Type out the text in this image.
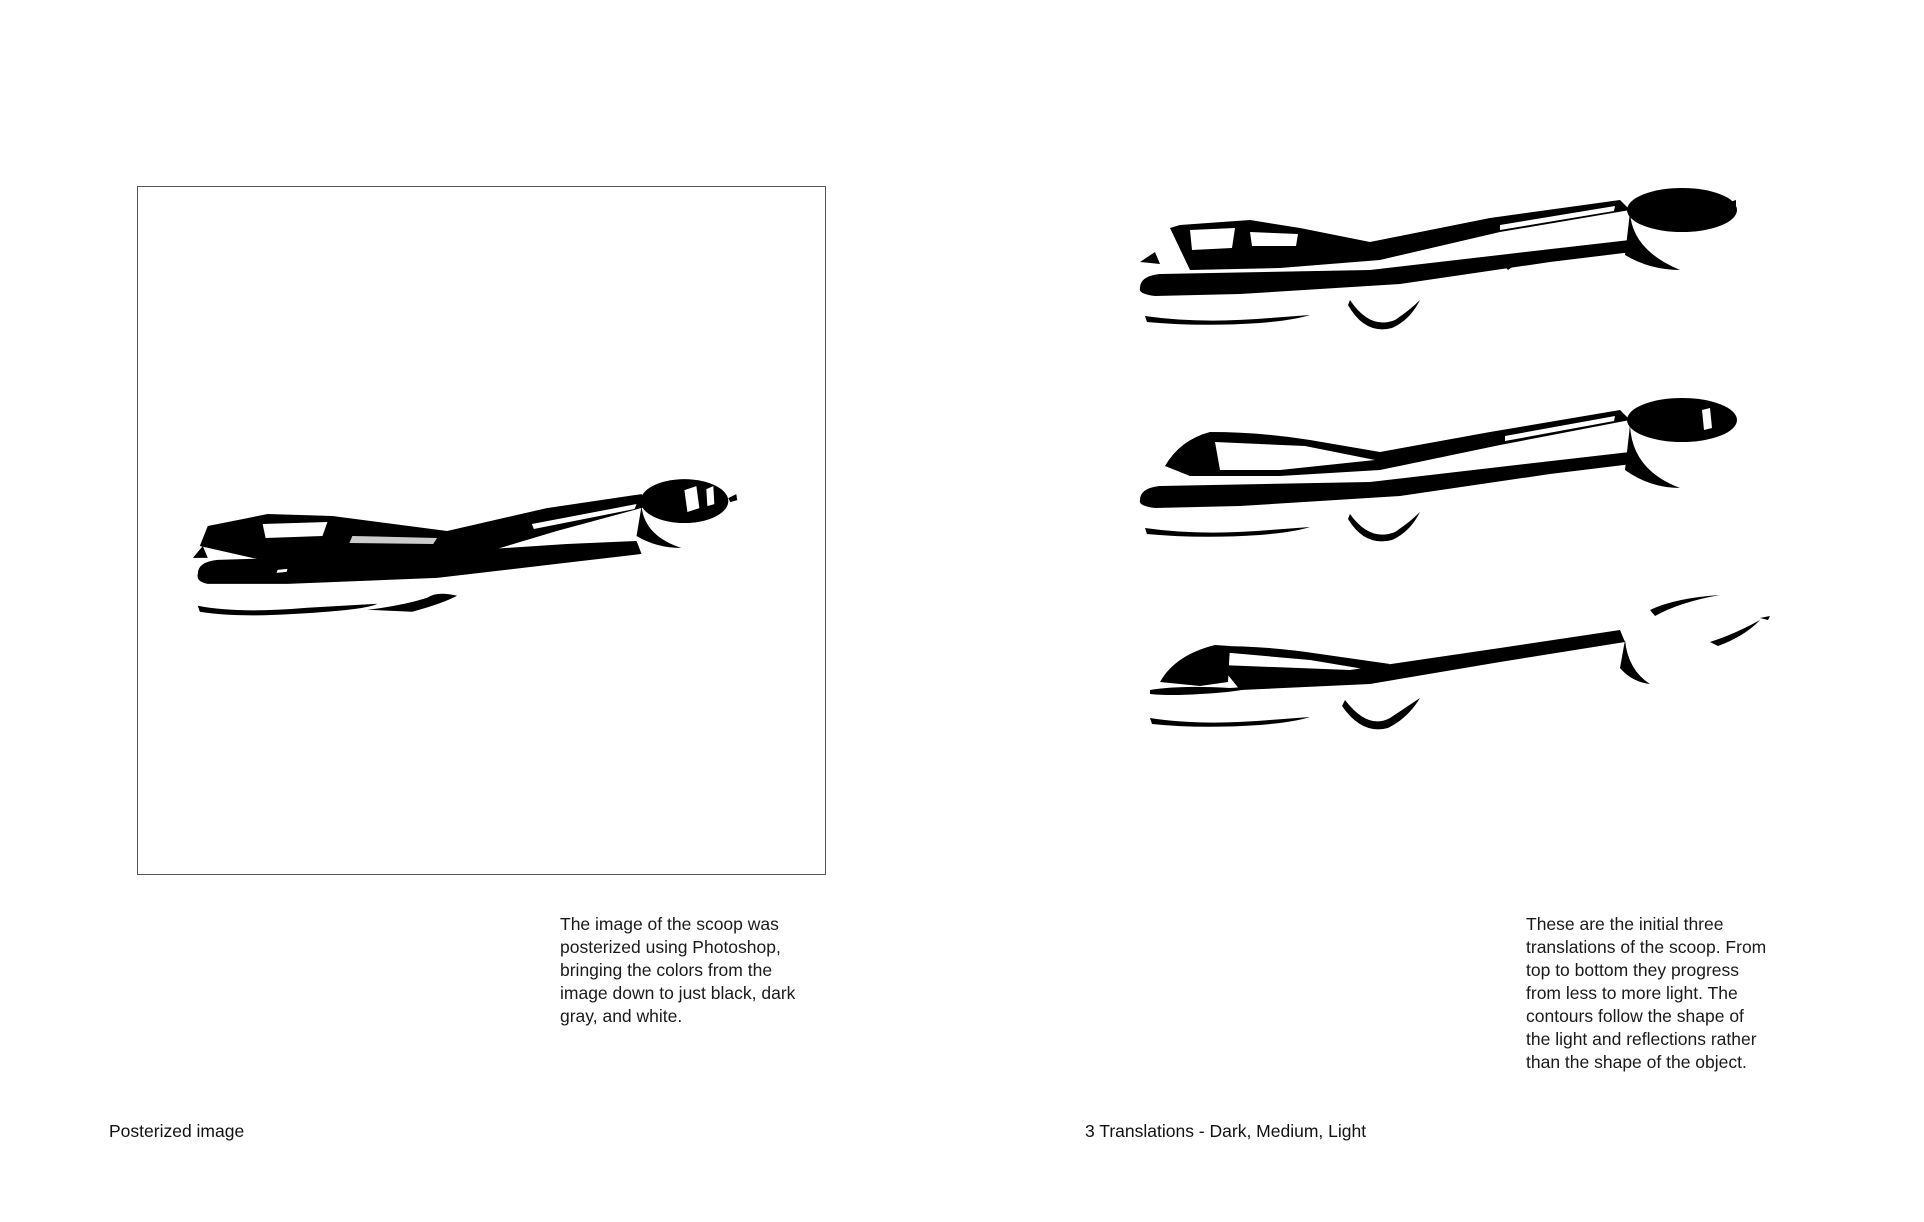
The image of the scoop was
posterized using Photoshop,
bringing the colors from the
image down to just black, dark
gray, and white.
These are the initial three
translations of the scoop. From
top to bottom they progress
from less to more light. The
contours follow the shape of
the light and reflections rather
than the shape of the object.
Posterized image	3 Translations - Dark, Medium, Light
